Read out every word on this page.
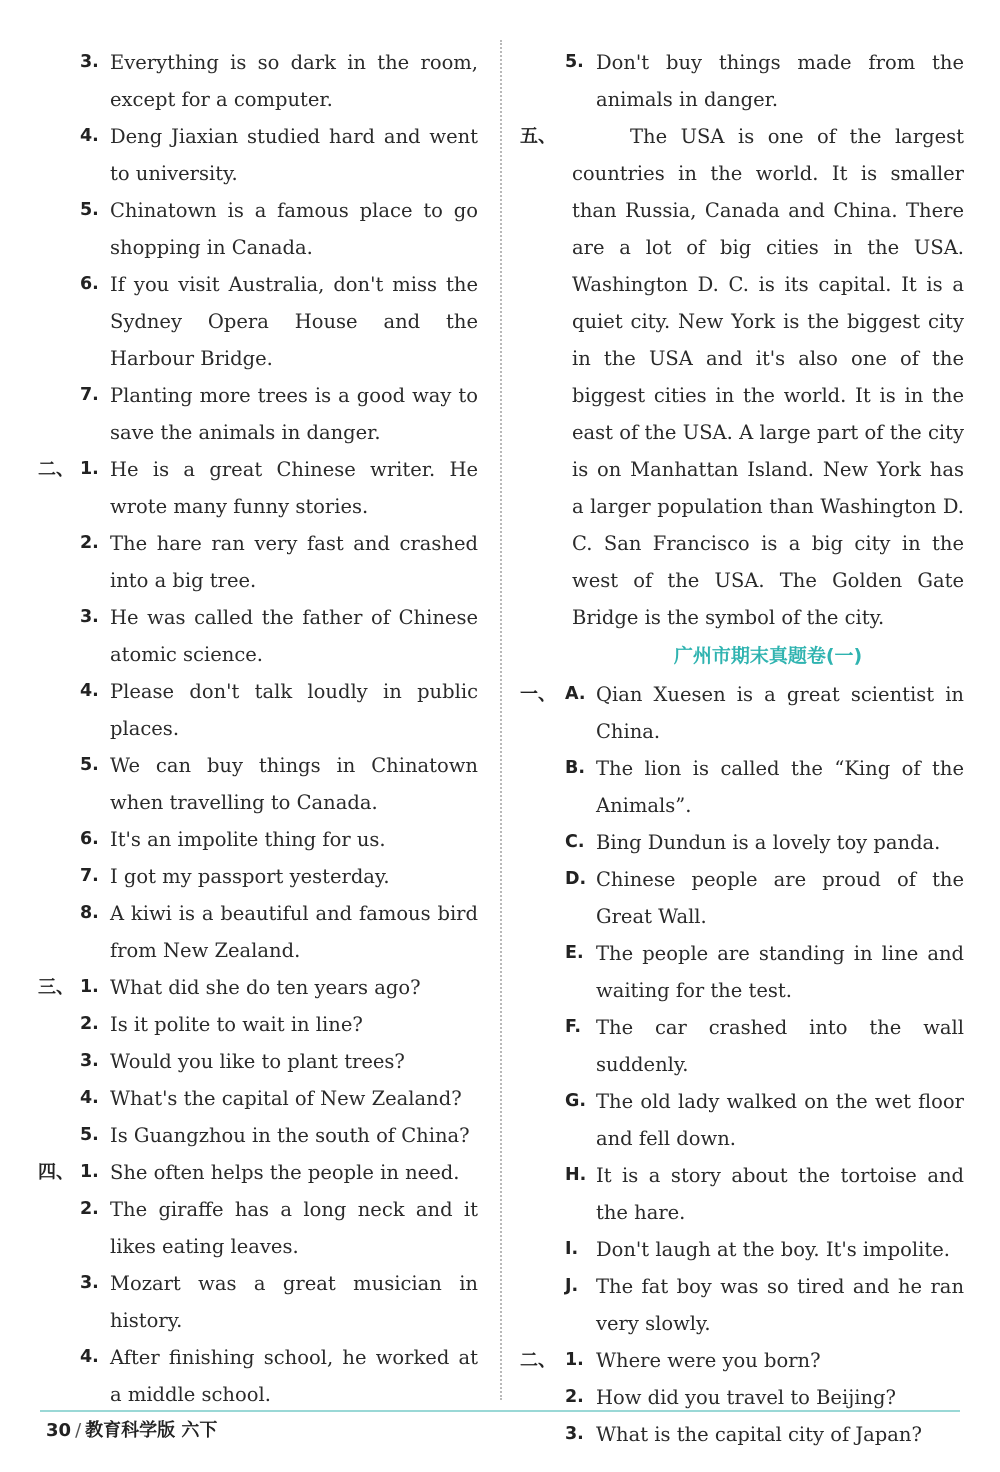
3. Everything is so dark in the room, except for a computer.
4. Deng Jiaxian studied hard and went to university.
5. Chinatown is a famous place to go shopping in Canada.
6. If you visit Australia, don't miss the Sydney Opera House and the Harbour Bridge.
7. Planting more trees is a good way to save the animals in danger.
二、 1. He is a great Chinese writer. He wrote many funny stories.
2. The hare ran very fast and crashed into a big tree.
3. He was called the father of Chinese atomic science.
4. Please don't talk loudly in public places.
5. We can buy things in Chinatown when travelling to Canada.
6. It's an impolite thing for us.
7. I got my passport yesterday.
8. A kiwi is a beautiful and famous bird from New Zealand.
三、 1. What did she do ten years ago?
2. Is it polite to wait in line?
3. Would you like to plant trees?
4. What's the capital of New Zealand?
5. Is Guangzhou in the south of China?
四、 1. She often helps the people in need.
2. The giraffe has a long neck and it likes eating leaves.
3. Mozart was a great musician in history.
4. After finishing school, he worked at a middle school.
5. Don't buy things made from the animals in danger.
五、	The USA is one of the largest countries in the world. It is smaller than Russia, Canada and China. There are a lot of big cities in the USA. Washington D. C. is its capital. It is a quiet city. New York is the biggest city in the USA and it's also one of the biggest cities in the world. It is in the east of the USA. A large part of the city is on Manhattan Island. New York has a larger population than Washington D. C. San Francisco is a big city in the west of the USA. The Golden Gate Bridge is the symbol of the city.
广州市期末真题卷(一)
一、 A. Qian Xuesen is a great scientist in China.
B. The lion is called the “King of the Animals”.
C. Bing Dundun is a lovely toy panda.
D. Chinese people are proud of the Great Wall.
E. The people are standing in line and waiting for the test.
F. The car crashed into the wall suddenly.
G. The old lady walked on the wet floor and fell down.
H. It is a story about the tortoise and the hare.
I. Don't laugh at the boy. It's impolite.
J. The fat boy was so tired and he ran very slowly.
二、 1. Where were you born?
2. How did you travel to Beijing?
3. What is the capital city of Japan?
30 / 教育科学版 六下
